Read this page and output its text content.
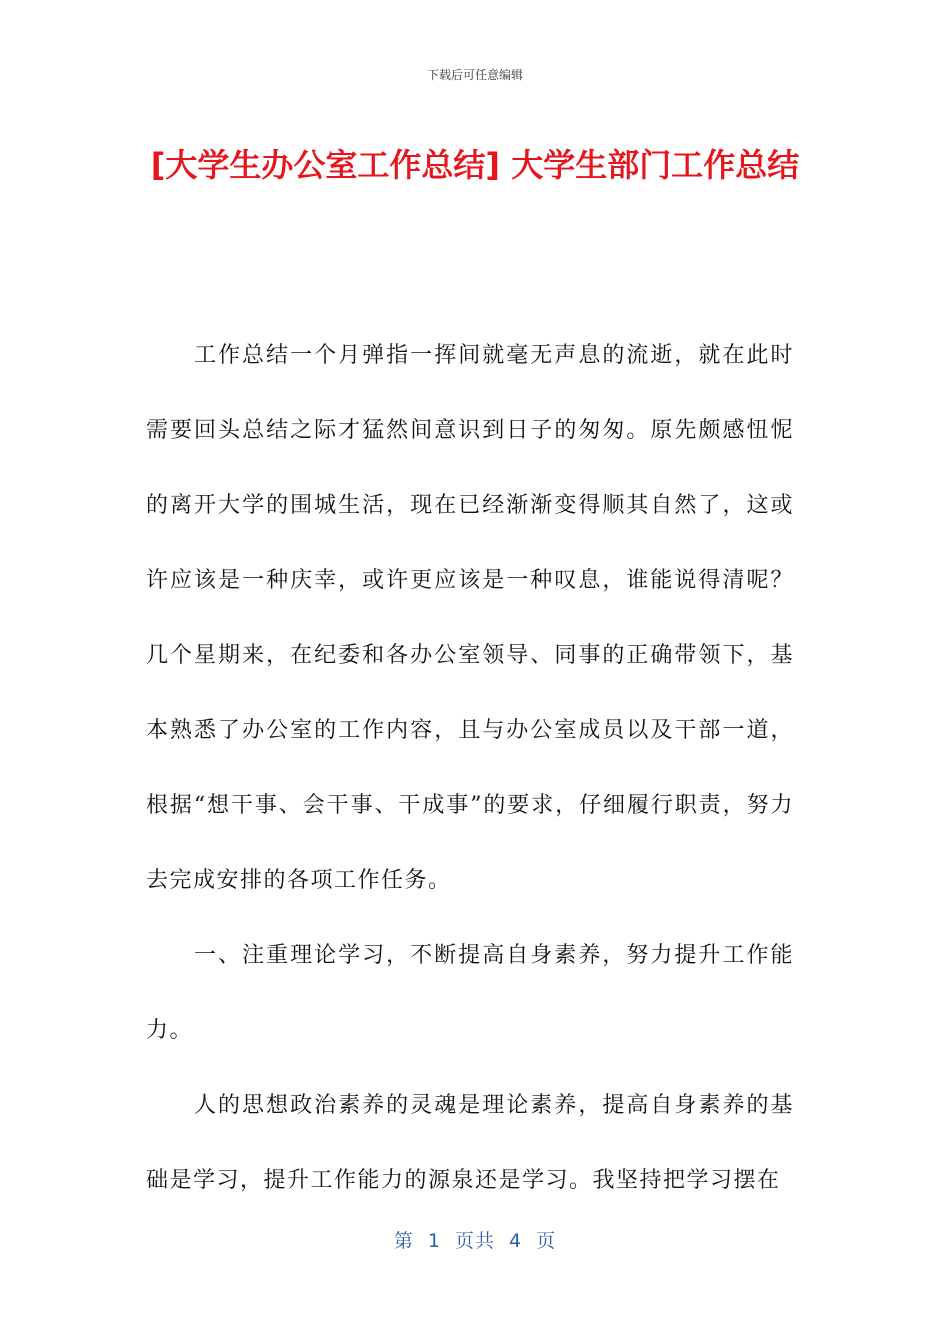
下载后可任意编辑
[大学生办公室工作总结] 大学生部门工作总结

工作总结一个月弹指一挥间就毫无声息的流逝，就在此时需要回头总结之际才猛然间意识到日子的匆匆。原先颇感忸怩的离开大学的围城生活，现在已经渐渐变得顺其自然了，这或许应该是一种庆幸，或许更应该是一种叹息，谁能说得清呢？几个星期来，在纪委和各办公室领导、同事的正确带领下，基本熟悉了办公室的工作内容，且与办公室成员以及干部一道，根据“想干事、会干事、干成事”的要求，仔细履行职责，努力去完成安排的各项工作任务。

一、注重理论学习，不断提高自身素养，努力提升工作能力。

人的思想政治素养的灵魂是理论素养，提高自身素养的基础是学习，提升工作能力的源泉还是学习。我坚持把学习摆在

第 1 页共 4 页
